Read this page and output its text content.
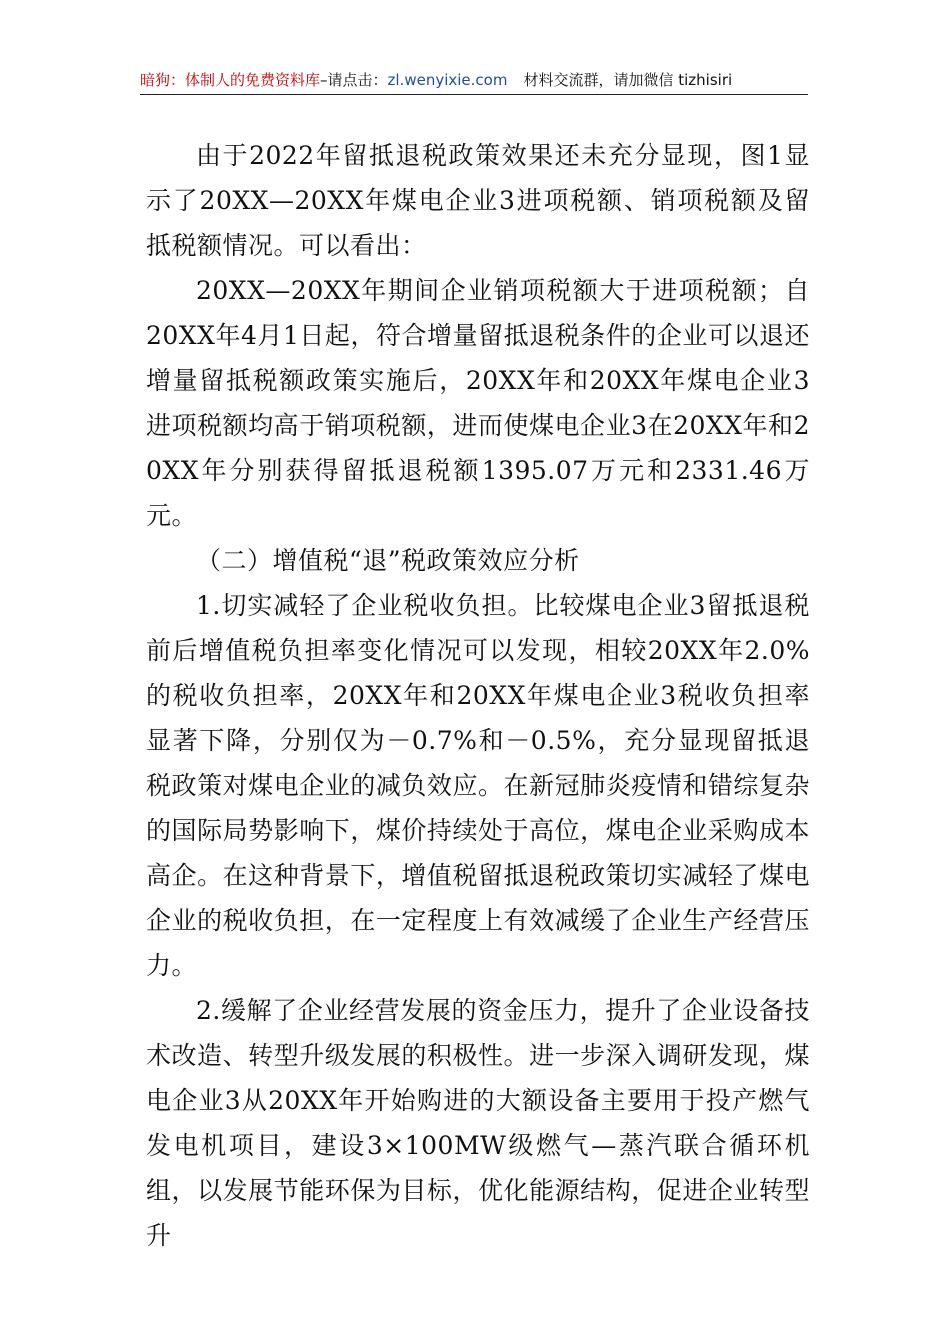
暗狗：体制人的免费资料库 –请点击： zl.wenyixie.com 材料交流群，请加微信 tizhisiri

由于2022年留抵退税政策效果还未充分显现，图1显示了20XX—20XX年煤电企业3进项税额、销项税额及留抵税额情况。可以看出：

20XX—20XX年期间企业销项税额大于进项税额；自20XX年4月1日起，符合增量留抵退税条件的企业可以退还增量留抵税额政策实施后，20XX年和20XX年煤电企业3进项税额均高于销项税额，进而使煤电企业3在20XX年和20XX年分别获得留抵退税额1395.07万元和2331.46万元。

（二）增值税“退”税政策效应分析

1.切实减轻了企业税收负担。比较煤电企业3留抵退税前后增值税负担率变化情况可以发现，相较20XX年2.0%的税收负担率，20XX年和20XX年煤电企业3税收负担率显著下降，分别仅为－0.7%和－0.5%，充分显现留抵退税政策对煤电企业的减负效应。在新冠肺炎疫情和错综复杂的国际局势影响下，煤价持续处于高位，煤电企业采购成本高企。在这种背景下，增值税留抵退税政策切实减轻了煤电企业的税收负担，在一定程度上有效减缓了企业生产经营压力。

2.缓解了企业经营发展的资金压力，提升了企业设备技术改造、转型升级发展的积极性。进一步深入调研发现，煤电企业3从20XX年开始购进的大额设备主要用于投产燃气发电机项目，建设3×100MW级燃气—蒸汽联合循环机组，以发展节能环保为目标，优化能源结构，促进企业转型升
